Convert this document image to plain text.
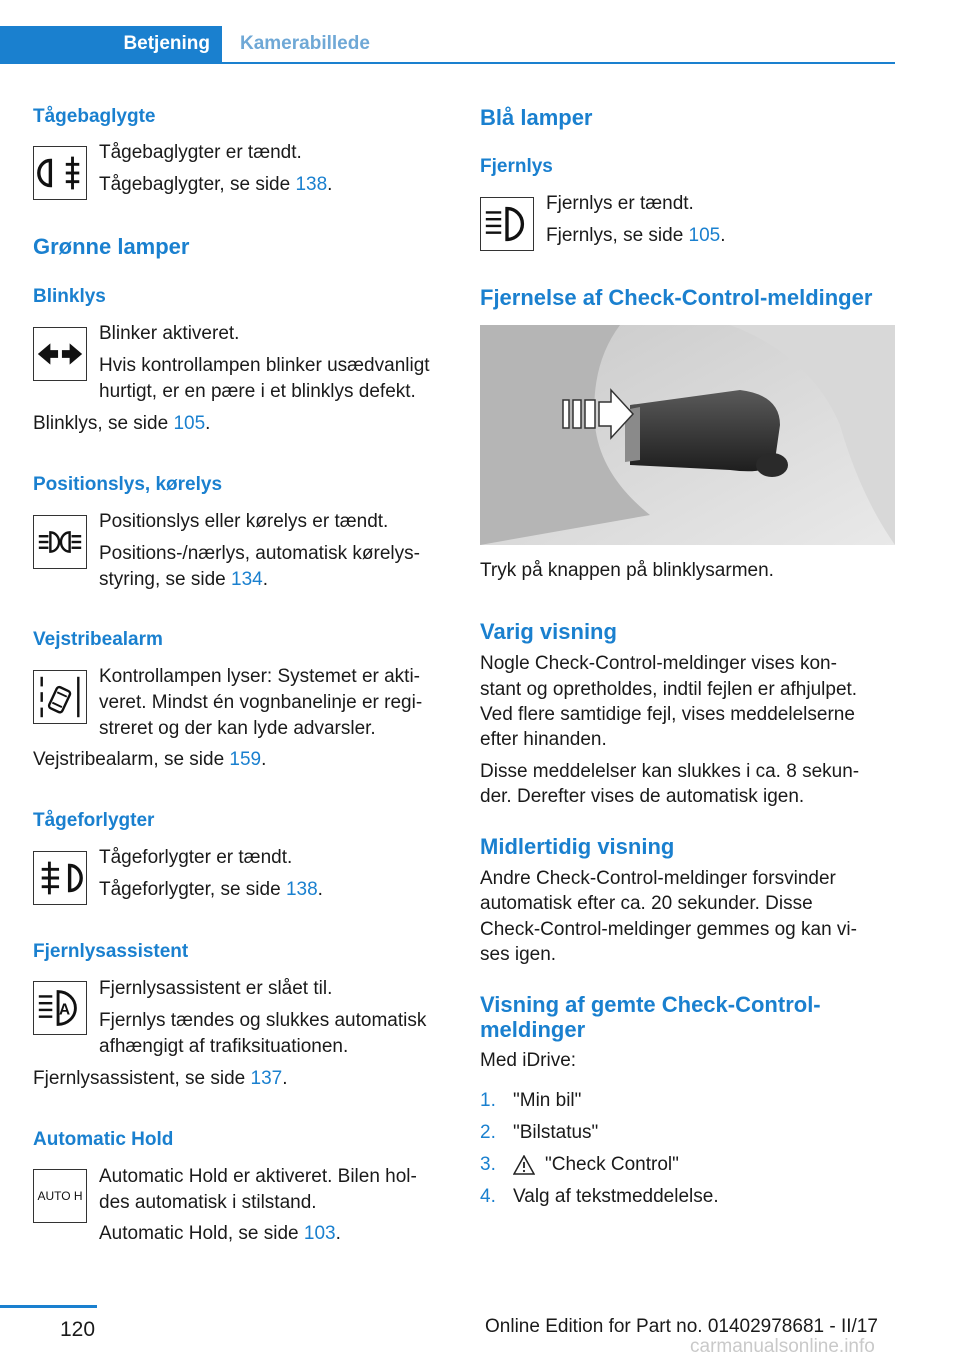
Betjening	Kamerabillede
Tågebaglygte
Tågebaglygter er tændt.
Tågebaglygter, se side 138.
Grønne lamper
Blinklys
Blinker aktiveret.
Hvis kontrollampen blinker usædvanligt
hurtigt, er en pære i et blinklys defekt.
Blinklys, se side 105.
Positionslys, kørelys
Positionslys eller kørelys er tændt.
Positions-/nærlys, automatisk kørelys‐
styring, se side 134.
Vejstribealarm
Kontrollampen lyser: Systemet er akti‐
veret. Mindst én vognbanelinje er regi‐
streret og der kan lyde advarsler.
Vejstribealarm, se side 159.
Tågeforlygter
Tågeforlygter er tændt.
Tågeforlygter, se side 138.
Fjernlysassistent
A
Fjernlysassistent er slået til.
Fjernlys tændes og slukkes automatisk
afhængigt af trafiksituationen.
Fjernlysassistent, se side 137.
Automatic Hold
AUTO H
Automatic Hold er aktiveret. Bilen hol‐
des automatisk i stilstand.
Automatic Hold, se side 103.
Blå lamper
Fjernlys
Fjernlys er tændt.
Fjernlys, se side 105.
Fjernelse af Check-Control-meldinger
Tryk på knappen på blinklysarmen.
Varig visning
Nogle Check-Control-meldinger vises kon‐
stant og opretholdes, indtil fejlen er afhjulpet.
Ved flere samtidige fejl, vises meddelelserne
efter hinanden.
Disse meddelelser kan slukkes i ca. 8 sekun‐
der. Derefter vises de automatisk igen.
Midlertidig visning
Andre Check-Control-meldinger forsvinder
automatisk efter ca. 20 sekunder. Disse
Check-Control-meldinger gemmes og kan vi‐
ses igen.
Visning af gemte Check-Control-
meldinger
Med iDrive:
1. "Min bil"
2. "Bilstatus"
3.	"Check Control"
4. Valg af tekstmeddelelse.
120	Online Edition for Part no. 01402978681 - II/17
carmanualsonline.info
